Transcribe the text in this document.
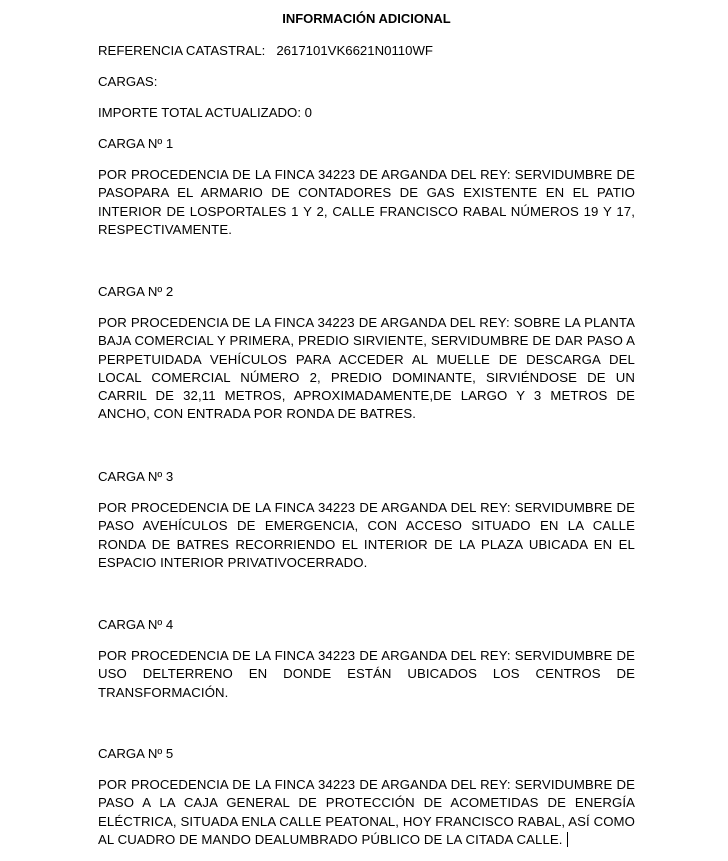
INFORMACIÓN ADICIONAL

REFERENCIA CATASTRAL: 2617101VK6621N0110WF

CARGAS:

IMPORTE TOTAL ACTUALIZADO: 0

CARGA Nº 1

POR PROCEDENCIA DE LA FINCA 34223 DE ARGANDA DEL REY: SERVIDUMBRE DE PASOPARA EL ARMARIO DE CONTADORES DE GAS EXISTENTE EN EL PATIO INTERIOR DE LOSPORTALES 1 Y 2, CALLE FRANCISCO RABAL NÚMEROS 19 Y 17, RESPECTIVAMENTE.

CARGA Nº 2

POR PROCEDENCIA DE LA FINCA 34223 DE ARGANDA DEL REY: SOBRE LA PLANTA BAJA COMERCIAL Y PRIMERA, PREDIO SIRVIENTE, SERVIDUMBRE DE DAR PASO A PERPETUIDADA VEHÍCULOS PARA ACCEDER AL MUELLE DE DESCARGA DEL LOCAL COMERCIAL NÚMERO 2, PREDIO DOMINANTE, SIRVIÉNDOSE DE UN CARRIL DE 32,11 METROS, APROXIMADAMENTE,DE LARGO Y 3 METROS DE ANCHO, CON ENTRADA POR RONDA DE BATRES.

CARGA Nº 3

POR PROCEDENCIA DE LA FINCA 34223 DE ARGANDA DEL REY: SERVIDUMBRE DE PASO AVEHÍCULOS DE EMERGENCIA, CON ACCESO SITUADO EN LA CALLE RONDA DE BATRES RECORRIENDO EL INTERIOR DE LA PLAZA UBICADA EN EL ESPACIO INTERIOR PRIVATIVOCERRADO.

CARGA Nº 4

POR PROCEDENCIA DE LA FINCA 34223 DE ARGANDA DEL REY: SERVIDUMBRE DE USO DELTERRENO EN DONDE ESTÁN UBICADOS LOS CENTROS DE TRANSFORMACIÓN.

CARGA Nº 5

POR PROCEDENCIA DE LA FINCA 34223 DE ARGANDA DEL REY: SERVIDUMBRE DE PASO A LA CAJA GENERAL DE PROTECCIÓN DE ACOMETIDAS DE ENERGÍA ELÉCTRICA, SITUADA ENLA CALLE PEATONAL, HOY FRANCISCO RABAL, ASÍ COMO AL CUADRO DE MANDO DEALUMBRADO PÚBLICO DE LA CITADA CALLE.
